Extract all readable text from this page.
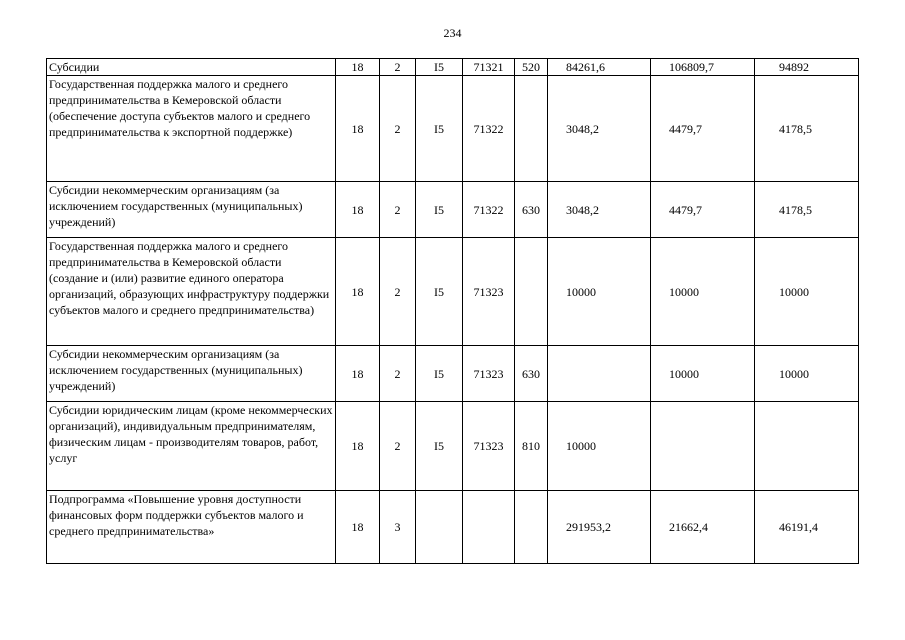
234
Субсидии	18	2	I5	71321	520	84261,6	106809,7	94892
Государственная поддержка малого и среднего предпринимательства в Кемеровской области (обеспечение доступа субъектов малого и среднего предпринимательства к экспортной поддержке)	18	2	I5	71322		3048,2	4479,7	4178,5
Субсидии некоммерческим организациям (за исключением государственных (муниципальных) учреждений)	18	2	I5	71322	630	3048,2	4479,7	4178,5
Государственная поддержка малого и среднего предпринимательства в Кемеровской области (создание и (или) развитие единого оператора организаций, образующих инфраструктуру поддержки субъектов малого и среднего предпринимательства)	18	2	I5	71323		10000	10000	10000
Субсидии некоммерческим организациям (за исключением государственных (муниципальных) учреждений)	18	2	I5	71323	630		10000	10000
Субсидии юридическим лицам (кроме некоммерческих организаций), индивидуальным предпринимателям, физическим лицам - производителям товаров, работ, услуг	18	2	I5	71323	810	10000		
Подпрограмма «Повышение уровня доступности финансовых форм поддержки субъектов малого и среднего предпринимательства»	18	3				291953,2	21662,4	46191,4
